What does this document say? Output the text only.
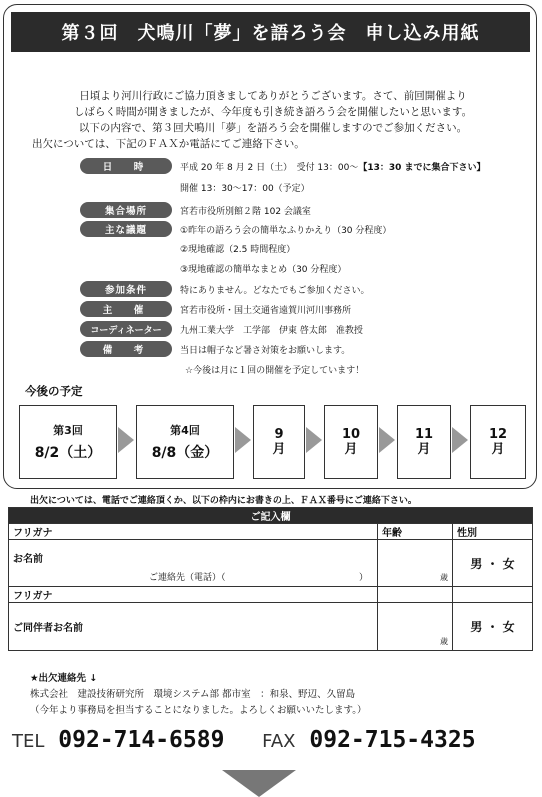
第３回　犬鳴川「夢」を語ろう会　申し込み用紙

日頃より河川行政にご協力頂きましてありがとうございます。さて、前回開催より

しばらく時間が開きましたが、今年度も引き続き語ろう会を開催したいと思います。

以下の内容で、第３回犬鳴川「夢」を語ろう会を開催しますのでご参加ください。

出欠については、下記のＦＡＸか電話にてご連絡下さい。

日　時	平成 20 年 8 月 2 日（土）　受付 13：00～【13：30 までに集合下さい】
開催 13：30～17：00（予定）
集合場所	宮若市役所別館２階 102 会議室
主な議題	①昨年の語ろう会の簡単なふりかえり（30 分程度）
②現地確認（2.5 時間程度）
③現地確認の簡単なまとめ（30 分程度）
参加条件	特にありません。どなたでもご参加ください。
主　催	宮若市役所・国土交通省遠賀川河川事務所
コーディネーター	九州工業大学　工学部　伊東 啓太郎　准教授
備　考	当日は帽子など暑さ対策をお願いします。
☆今後は月に１回の開催を予定しています！
今後の予定
第3回
8/2（土）
第4回
8/8（金）
9
月
10
月
11
月
12
月
出欠については、電話でご連絡頂くか、以下の枠内にお書きの上、ＦＡＸ番号にご連絡下さい。
ご記入欄		
フリガナ	年齢	性別

お名前
ご連絡先（電話）（ ）	歳	男 ・ 女
フリガナ		
ご同伴者お名前	歳	男 ・ 女
★出欠連絡先 ↓
株式会社　建設技術研究所　環境システム部 都市室　：和泉、野辺、久留島
（今年より事務局を担当することになりました。よろしくお願いいたします。）
TEL 092-714-6589 FAX 092-715-4325
